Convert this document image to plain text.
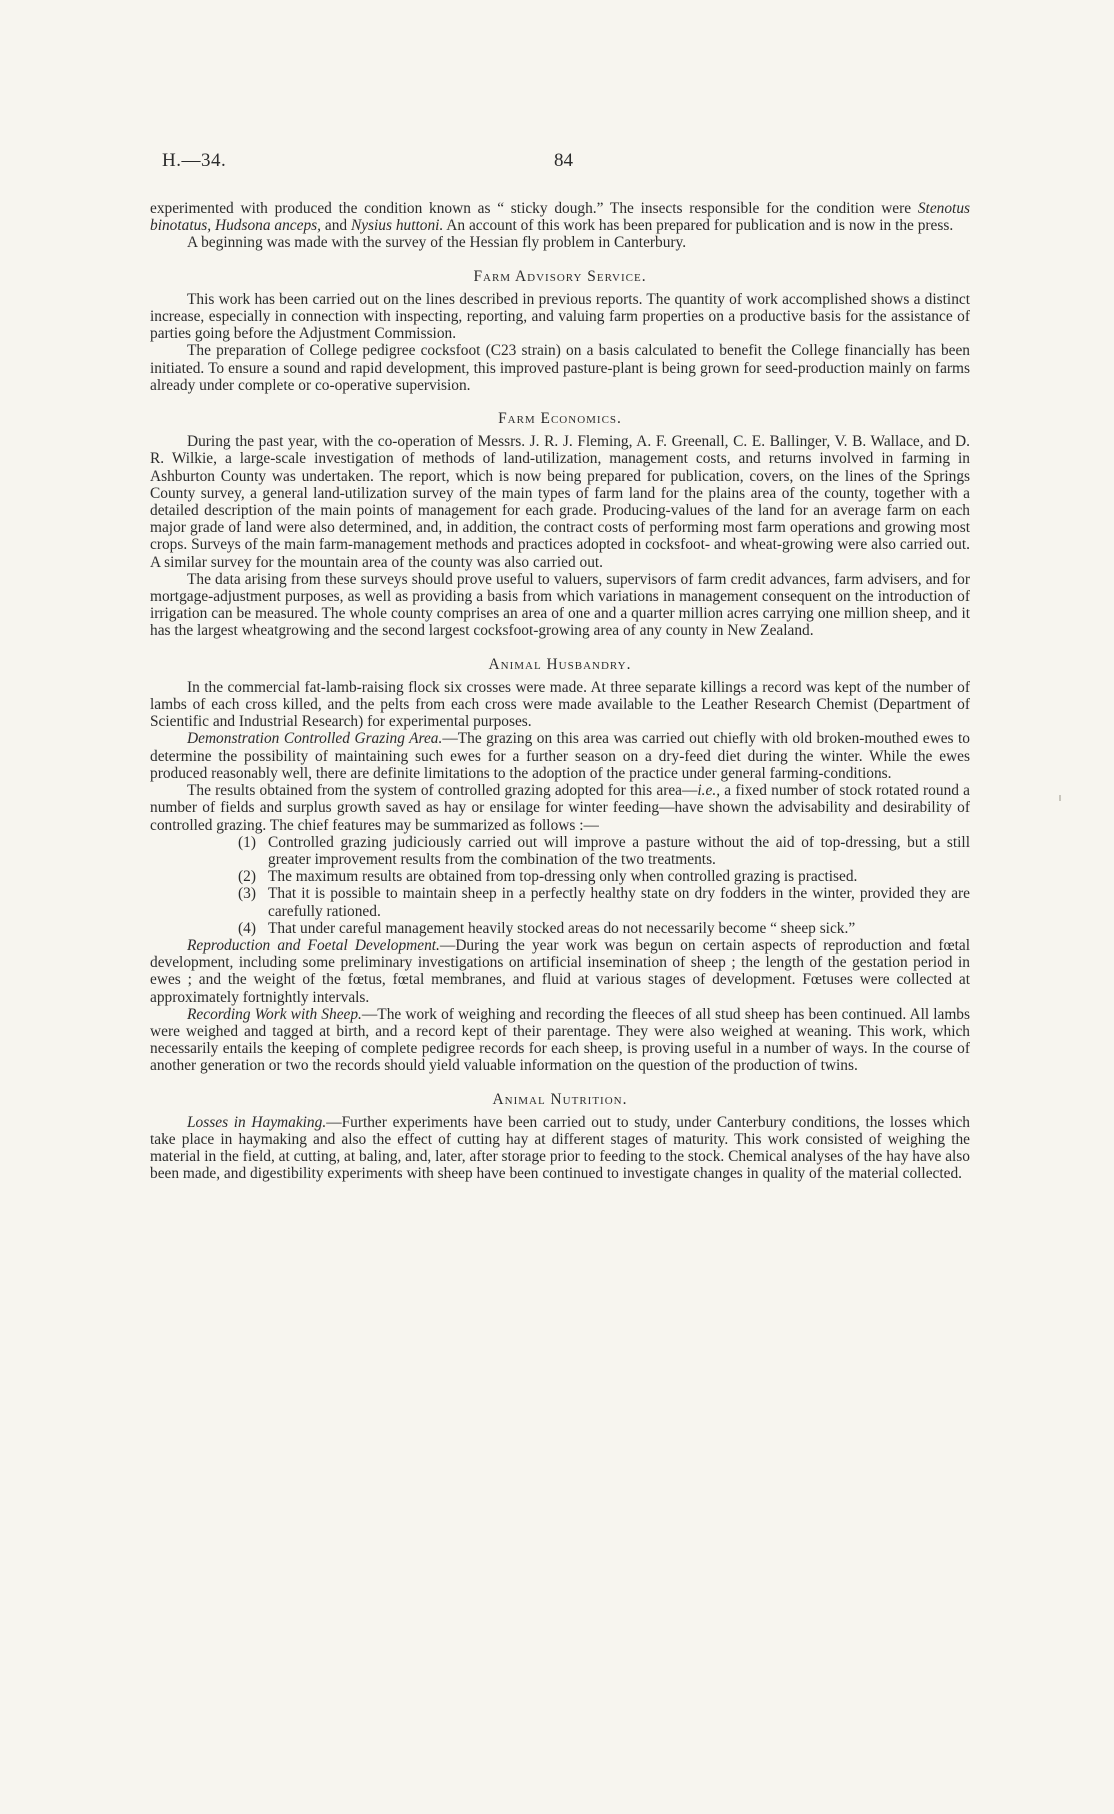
H.—34.	84

experimented with produced the condition known as “ sticky dough.” The insects responsible for the condition were Stenotus binotatus, Hudsona anceps, and Nysius huttoni. An account of this work has been prepared for publication and is now in the press.

A beginning was made with the survey of the Hessian fly problem in Canterbury.

Farm Advisory Service.

This work has been carried out on the lines described in previous reports. The quantity of work accomplished shows a distinct increase, especially in connection with inspecting, reporting, and valuing farm properties on a productive basis for the assistance of parties going before the Adjustment Commission.

The preparation of College pedigree cocksfoot (C23 strain) on a basis calculated to benefit the College financially has been initiated. To ensure a sound and rapid development, this improved pasture-plant is being grown for seed-production mainly on farms already under complete or co-operative supervision.

Farm Economics.

During the past year, with the co-operation of Messrs. J. R. J. Fleming, A. F. Greenall, C. E. Ballinger, V. B. Wallace, and D. R. Wilkie, a large-scale investigation of methods of land-utilization, management costs, and returns involved in farming in Ashburton County was undertaken. The report, which is now being prepared for publication, covers, on the lines of the Springs County survey, a general land-utilization survey of the main types of farm land for the plains area of the county, together with a detailed description of the main points of management for each grade. Producing-values of the land for an average farm on each major grade of land were also determined, and, in addition, the contract costs of performing most farm operations and growing most crops. Surveys of the main farm-management methods and practices adopted in cocksfoot- and wheat-growing were also carried out. A similar survey for the mountain area of the county was also carried out.

The data arising from these surveys should prove useful to valuers, supervisors of farm credit advances, farm advisers, and for mortgage-adjustment purposes, as well as providing a basis from which variations in management consequent on the introduction of irrigation can be measured. The whole county comprises an area of one and a quarter million acres carrying one million sheep, and it has the largest wheatgrowing and the second largest cocksfoot-growing area of any county in New Zealand.

Animal Husbandry.

In the commercial fat-lamb-raising flock six crosses were made. At three separate killings a record was kept of the number of lambs of each cross killed, and the pelts from each cross were made available to the Leather Research Chemist (Department of Scientific and Industrial Research) for experimental purposes.

Demonstration Controlled Grazing Area.—The grazing on this area was carried out chiefly with old broken-mouthed ewes to determine the possibility of maintaining such ewes for a further season on a dry-feed diet during the winter. While the ewes produced reasonably well, there are definite limitations to the adoption of the practice under general farming-conditions.

The results obtained from the system of controlled grazing adopted for this area—i.e., a fixed number of stock rotated round a number of fields and surplus growth saved as hay or ensilage for winter feeding—have shown the advisability and desirability of controlled grazing. The chief features may be summarized as follows :—

(1) Controlled grazing judiciously carried out will improve a pasture without the aid of top-dressing, but a still greater improvement results from the combination of the two treatments.
(2) The maximum results are obtained from top-dressing only when controlled grazing is practised.
(3) That it is possible to maintain sheep in a perfectly healthy state on dry fodders in the winter, provided they are carefully rationed.
(4) That under careful management heavily stocked areas do not necessarily become “ sheep sick.”

Reproduction and Foetal Development.—During the year work was begun on certain aspects of reproduction and fœtal development, including some preliminary investigations on artificial insemination of sheep ; the length of the gestation period in ewes ; and the weight of the fœtus, fœtal membranes, and fluid at various stages of development. Fœtuses were collected at approximately fortnightly intervals.

Recording Work with Sheep.—The work of weighing and recording the fleeces of all stud sheep has been continued. All lambs were weighed and tagged at birth, and a record kept of their parentage. They were also weighed at weaning. This work, which necessarily entails the keeping of complete pedigree records for each sheep, is proving useful in a number of ways. In the course of another generation or two the records should yield valuable information on the question of the production of twins.

Animal Nutrition.

Losses in Haymaking.—Further experiments have been carried out to study, under Canterbury conditions, the losses which take place in haymaking and also the effect of cutting hay at different stages of maturity. This work consisted of weighing the material in the field, at cutting, at baling, and, later, after storage prior to feeding to the stock. Chemical analyses of the hay have also been made, and digestibility experiments with sheep have been continued to investigate changes in quality of the material collected.
